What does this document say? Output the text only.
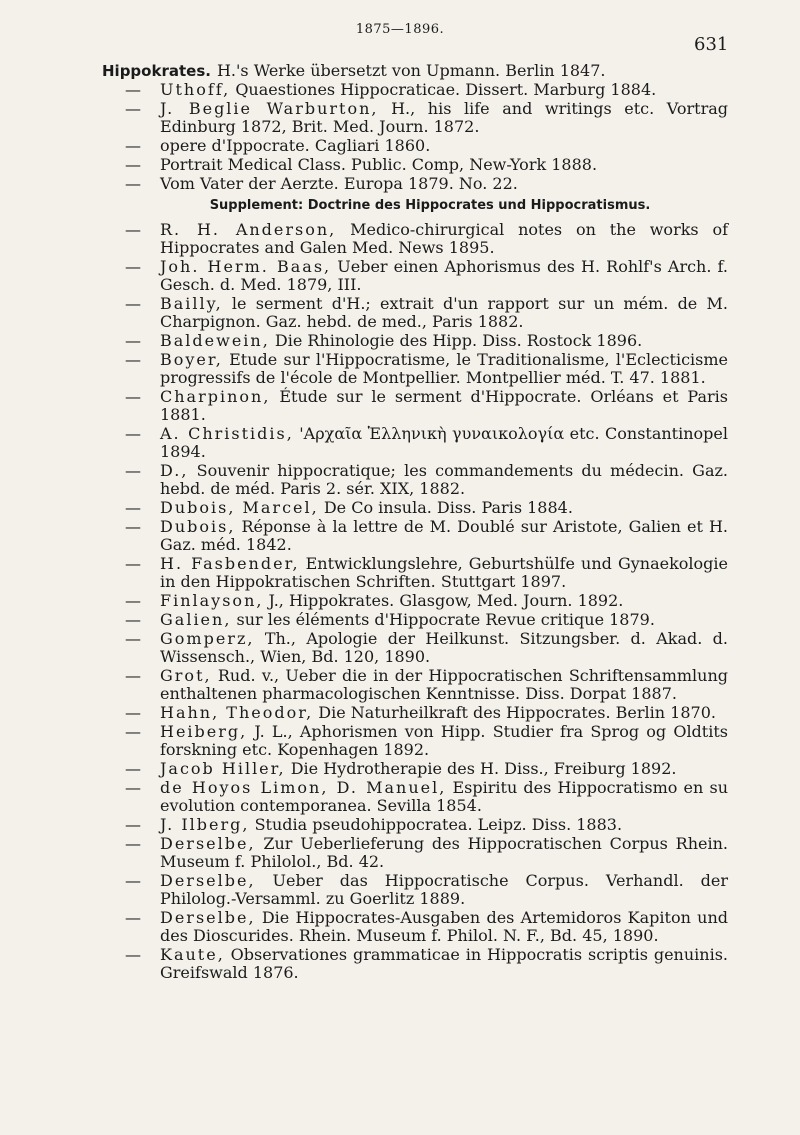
1875—1896.
631
Hippokrates. H.'s Werke übersetzt von Upmann. Berlin 1847.
—	Uthoff, Quaestiones Hippocraticae. Dissert. Marburg 1884.
—	J. Beglie Warburton, H., his life and writings etc. Vortrag Edinburg 1872, Brit. Med. Journ. 1872.
—	opere d'Ippocrate. Cagliari 1860.
—	Portrait Medical Class. Public. Comp, New-York 1888.
—	Vom Vater der Aerzte. Europa 1879. No. 22.
Supplement: Doctrine des Hippocrates und Hippocratismus.
—	R. H. Anderson, Medico-chirurgical notes on the works of Hippocrates and Galen Med. News 1895.
—	Joh. Herm. Baas, Ueber einen Aphorismus des H. Rohlf's Arch. f. Gesch. d. Med. 1879, III.
—	Bailly, le serment d'H.; extrait d'un rapport sur un mém. de M. Charpignon. Gaz. hebd. de med., Paris 1882.
—	Baldewein, Die Rhinologie des Hipp. Diss. Rostock 1896.
—	Boyer, Etude sur l'Hippocratisme, le Traditionalisme, l'Eclecticisme progressifs de l'école de Montpellier. Montpellier méd. T. 47. 1881.
—	Charpinon, Étude sur le serment d'Hippocrate. Orléans et Paris 1881.
—	A. Christidis, 'Αρχαῖα Ἑλληνικὴ γυναικολογία etc. Constantinopel 1894.
—	D., Souvenir hippocratique; les commandements du médecin. Gaz. hebd. de méd. Paris 2. sér. XIX, 1882.
—	Dubois, Marcel, De Co insula. Diss. Paris 1884.
—	Dubois, Réponse à la lettre de M. Doublé sur Aristote, Galien et H. Gaz. méd. 1842.
—	H. Fasbender, Entwicklungslehre, Geburtshülfe und Gynaekologie in den Hippokratischen Schriften. Stuttgart 1897.
—	Finlayson, J., Hippokrates. Glasgow, Med. Journ. 1892.
—	Galien, sur les éléments d'Hippocrate Revue critique 1879.
—	Gomperz, Th., Apologie der Heilkunst. Sitzungsber. d. Akad. d. Wissensch., Wien, Bd. 120, 1890.
—	Grot, Rud. v., Ueber die in der Hippocratischen Schriftensammlung enthaltenen pharmacologischen Kenntnisse. Diss. Dorpat 1887.
—	Hahn, Theodor, Die Naturheilkraft des Hippocrates. Berlin 1870.
—	Heiberg, J. L., Aphorismen von Hipp. Studier fra Sprog og Oldtits forskning etc. Kopenhagen 1892.
—	Jacob Hiller, Die Hydrotherapie des H. Diss., Freiburg 1892.
—	de Hoyos Limon, D. Manuel, Espiritu des Hippocratismo en su evolution contemporanea. Sevilla 1854.
—	J. Ilberg, Studia pseudohippocratea. Leipz. Diss. 1883.
—	Derselbe, Zur Ueberlieferung des Hippocratischen Corpus Rhein. Museum f. Philolol., Bd. 42.
—	Derselbe, Ueber das Hippocratische Corpus. Verhandl. der Philolog.-Versamml. zu Goerlitz 1889.
—	Derselbe, Die Hippocrates-Ausgaben des Artemidoros Kapiton und des Dioscurides. Rhein. Museum f. Philol. N. F., Bd. 45, 1890.
—	Kaute, Observationes grammaticae in Hippocratis scriptis genuinis. Greifswald 1876.
